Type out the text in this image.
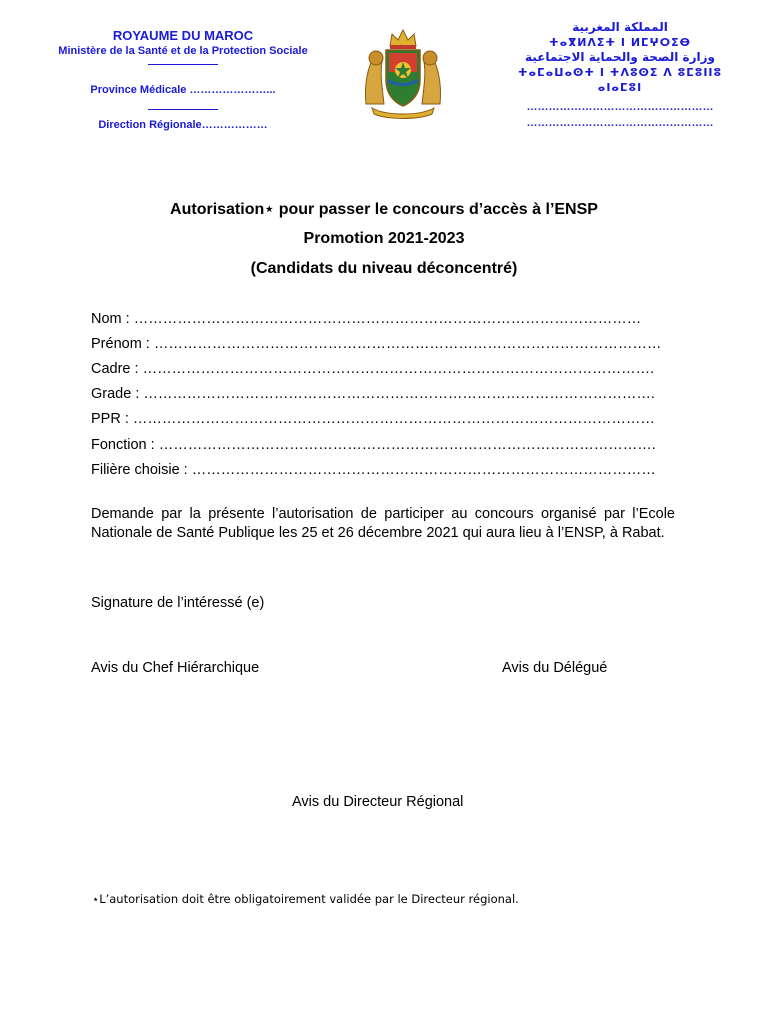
ROYAUME DU MAROC
Ministère de la Santé et de la Protection Sociale
Province Médicale …………………...
Direction Régionale………………
المملكة المغربية
ⵜⴰⴳⵍⴷⵉⵜ ⵏ ⵍⵎⵖⵔⵉⴱ
وزارة الصحة والحماية الاجتماعية
ⵜⴰⵎⴰⵡⴰⵙⵜ ⵏ ⵜⴷⵓⵙⵉ ⴷ ⵓⵎⵓⵏⵏⵓ
ⴰⵏⴰⵎⵓⵏ
……………………………………………
……………………………………………
Autorisation⋆ pour passer le concours d’accès à l’ENSP
Promotion 2021-2023
(Candidats du niveau déconcentré)
Nom : ……………………………………………………………………………………………
Prénom : ……………………………………………………………………………………………
Cadre : …………………………………………………………………………………………….
Grade : …………………………………………………………………………………………….
PPR : ………………………………………………………………………………………………
Fonction : ………………………………………………………………………………………….
Filière choisie : ……………………………………………………………………………………
Demande par la présente l’autorisation de participer au concours organisé par l’Ecole Nationale de Santé Publique les 25 et 26 décembre 2021 qui aura lieu à l’ENSP, à Rabat.
Signature de l’intéressé (e)
Avis du Chef Hiérarchique	Avis du Délégué
Avis du Directeur Régional
⋆L’autorisation doit être obligatoirement validée par le Directeur régional.
